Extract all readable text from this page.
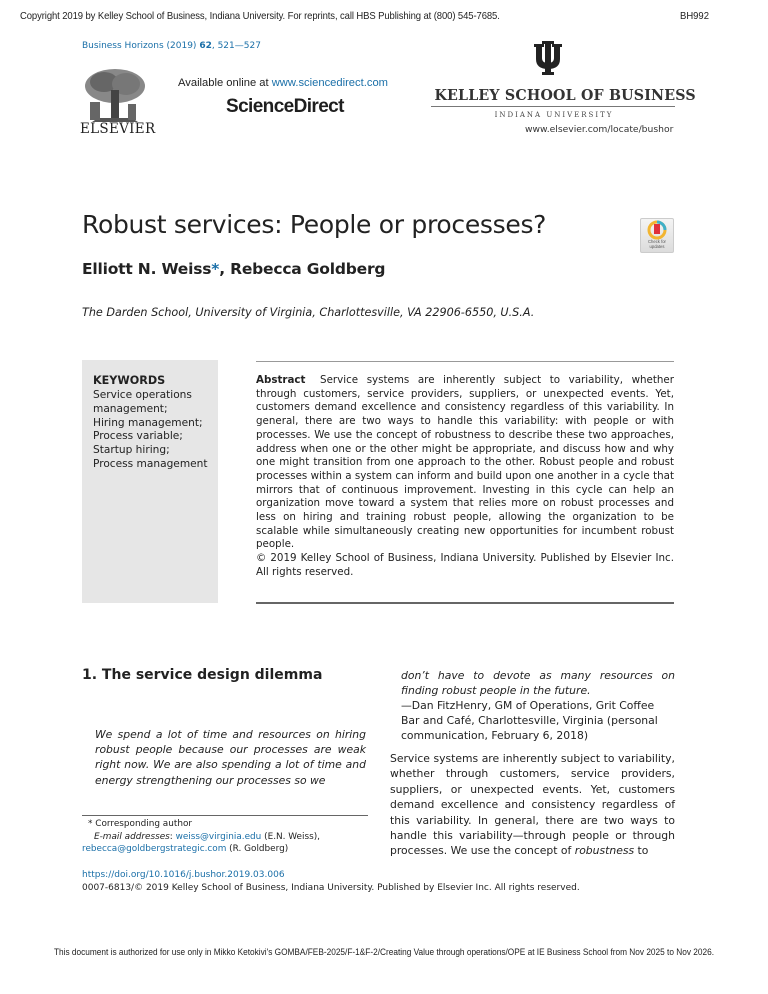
Copyright 2019 by Kelley School of Business, Indiana University. For reprints, call HBS Publishing at (800) 545-7685.	BH992
Business Horizons (2019) 62, 521—527
ELSEVIER
Available online at www.sciencedirect.com
ScienceDirect
KELLEY SCHOOL OF BUSINESS
INDIANA UNIVERSITY
www.elsevier.com/locate/bushor
Robust services: People or processes?
Check for
updates
Elliott N. Weiss*, Rebecca Goldberg
The Darden School, University of Virginia, Charlottesville, VA 22906-6550, U.S.A.
KEYWORDS
Service operations
management;
Hiring management;
Process variable;
Startup hiring;
Process management
Abstract Service systems are inherently subject to variability, whether through customers, service providers, suppliers, or unexpected events. Yet, customers demand excellence and consistency regardless of this variability. In general, there are two ways to handle this variability: with people or with processes. We use the concept of robustness to describe these two approaches, address when one or the other might be appropriate, and discuss how and why one might transition from one approach to the other. Robust people and robust processes within a system can inform and build upon one another in a cycle that mirrors that of continuous improvement. Investing in this cycle can help an organization move toward a system that relies more on robust processes and less on hiring and training robust people, allowing the organization to be scalable while simultaneously creating new opportunities for incumbent robust people.
© 2019 Kelley School of Business, Indiana University. Published by Elsevier Inc. All rights reserved.
1. The service design dilemma
We spend a lot of time and resources on hiring robust people because our processes are weak right now. We are also spending a lot of time and energy strengthening our processes so we
* Corresponding author
E-mail addresses: weiss@virginia.edu (E.N. Weiss),
rebecca@goldbergstrategic.com (R. Goldberg)
don’t have to devote as many resources on finding robust people in the future.
—Dan FitzHenry, GM of Operations, Grit Coffee Bar and Café, Charlottesville, Virginia (personal communication, February 6, 2018)
Service systems are inherently subject to variability, whether through customers, service providers, suppliers, or unexpected events. Yet, customers demand excellence and consistency regardless of this variability. In general, there are two ways to handle this variability—through people or through processes. We use the concept of robustness to
https://doi.org/10.1016/j.bushor.2019.03.006
0007-6813/© 2019 Kelley School of Business, Indiana University. Published by Elsevier Inc. All rights reserved.
This document is authorized for use only in Mikko Ketokivi's GOMBA/FEB-2025/F-1&F-2/Creating Value through operations/OPE at IE Business School from Nov 2025 to Nov 2026.
